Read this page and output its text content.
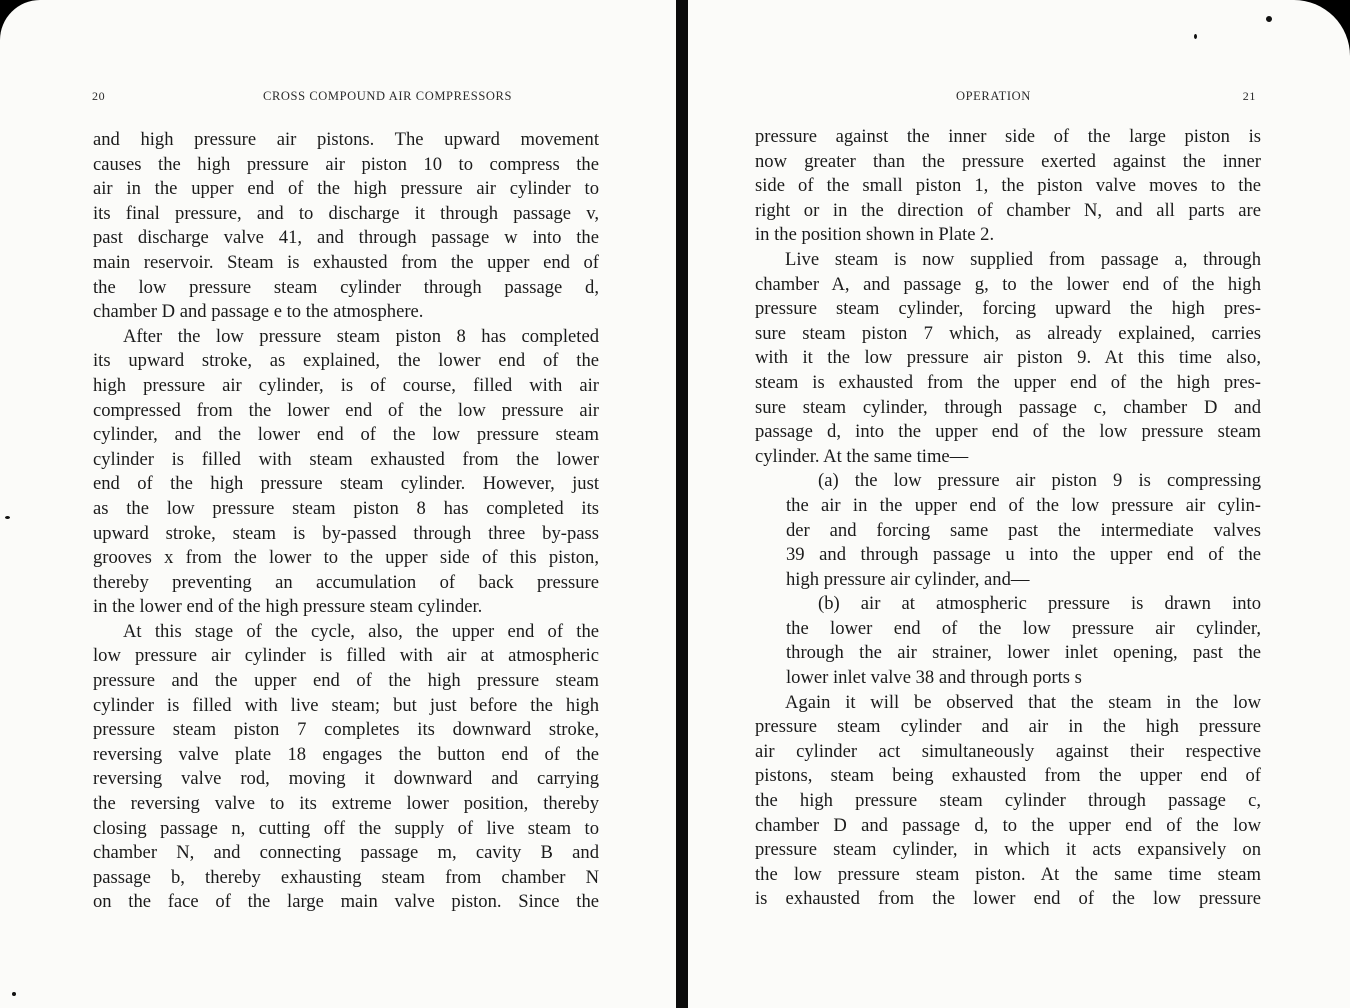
20	CROSS COMPOUND AIR COMPRESSORS
and high pressure air pistons. The upward movement
causes the high pressure air piston 10 to compress the
air in the upper end of the high pressure air cylinder to
its final pressure, and to discharge it through passage v,
past discharge valve 41, and through passage w into the
main reservoir. Steam is exhausted from the upper end of
the low pressure steam cylinder through passage d,
chamber D and passage e to the atmosphere.
After the low pressure steam piston 8 has completed
its upward stroke, as explained, the lower end of the
high pressure air cylinder, is of course, filled with air
compressed from the lower end of the low pressure air
cylinder, and the lower end of the low pressure steam
cylinder is filled with steam exhausted from the lower
end of the high pressure steam cylinder. However, just
as the low pressure steam piston 8 has completed its
upward stroke, steam is by-passed through three by-pass
grooves x from the lower to the upper side of this piston,
thereby preventing an accumulation of back pressure
in the lower end of the high pressure steam cylinder.
At this stage of the cycle, also, the upper end of the
low pressure air cylinder is filled with air at atmospheric
pressure and the upper end of the high pressure steam
cylinder is filled with live steam; but just before the high
pressure steam piston 7 completes its downward stroke,
reversing valve plate 18 engages the button end of the
reversing valve rod, moving it downward and carrying
the reversing valve to its extreme lower position, thereby
closing passage n, cutting off the supply of live steam to
chamber N, and connecting passage m, cavity B and
passage b, thereby exhausting steam from chamber N
on the face of the large main valve piston. Since the
OPERATION	21
pressure against the inner side of the large piston is
now greater than the pressure exerted against the inner
side of the small piston 1, the piston valve moves to the
right or in the direction of chamber N, and all parts are
in the position shown in Plate 2.
Live steam is now supplied from passage a, through
chamber A, and passage g, to the lower end of the high
pressure steam cylinder, forcing upward the high pres-
sure steam piston 7 which, as already explained, carries
with it the low pressure air piston 9. At this time also,
steam is exhausted from the upper end of the high pres-
sure steam cylinder, through passage c, chamber D and
passage d, into the upper end of the low pressure steam
cylinder. At the same time—
(a) the low pressure air piston 9 is compressing
the air in the upper end of the low pressure air cylin-
der and forcing same past the intermediate valves
39 and through passage u into the upper end of the
high pressure air cylinder, and—
(b) air at atmospheric pressure is drawn into
the lower end of the low pressure air cylinder,
through the air strainer, lower inlet opening, past the
lower inlet valve 38 and through ports s
Again it will be observed that the steam in the low
pressure steam cylinder and air in the high pressure
air cylinder act simultaneously against their respective
pistons, steam being exhausted from the upper end of
the high pressure steam cylinder through passage c,
chamber D and passage d, to the upper end of the low
pressure steam cylinder, in which it acts expansively on
the low pressure steam piston. At the same time steam
is exhausted from the lower end of the low pressure
